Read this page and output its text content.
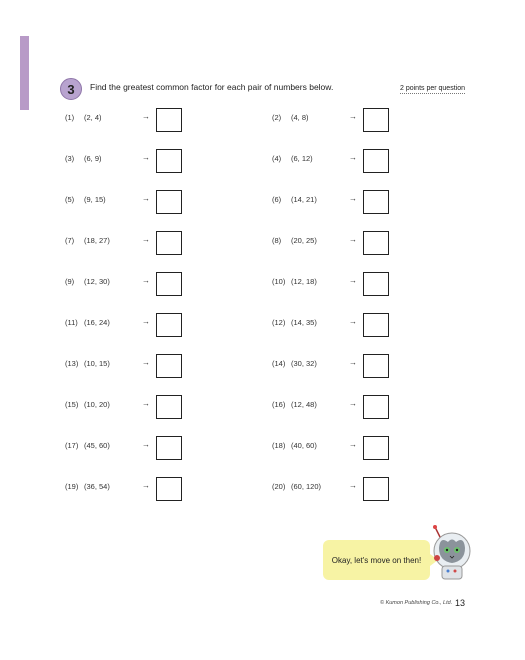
3	Find the greatest common factor for each pair of numbers below.	2 points per question
(1) (2, 4)	→	(2) (4, 8)	→
(3) (6, 9)	→	(4) (6, 12)	→
(5) (9, 15)	→	(6) (14, 21)	→
(7) (18, 27)	→	(8) (20, 25)	→
(9) (12, 30)	→	(10) (12, 18)	→
(11) (16, 24)	→	(12) (14, 35)	→
(13) (10, 15)	→	(14) (30, 32)	→
(15) (10, 20)	→	(16) (12, 48)	→
(17) (45, 60)	→	(18) (40, 60)	→
(19) (36, 54)	→	(20) (60, 120)	→
Okay, let's move on then!
© Kumon Publishing Co., Ltd. 13
